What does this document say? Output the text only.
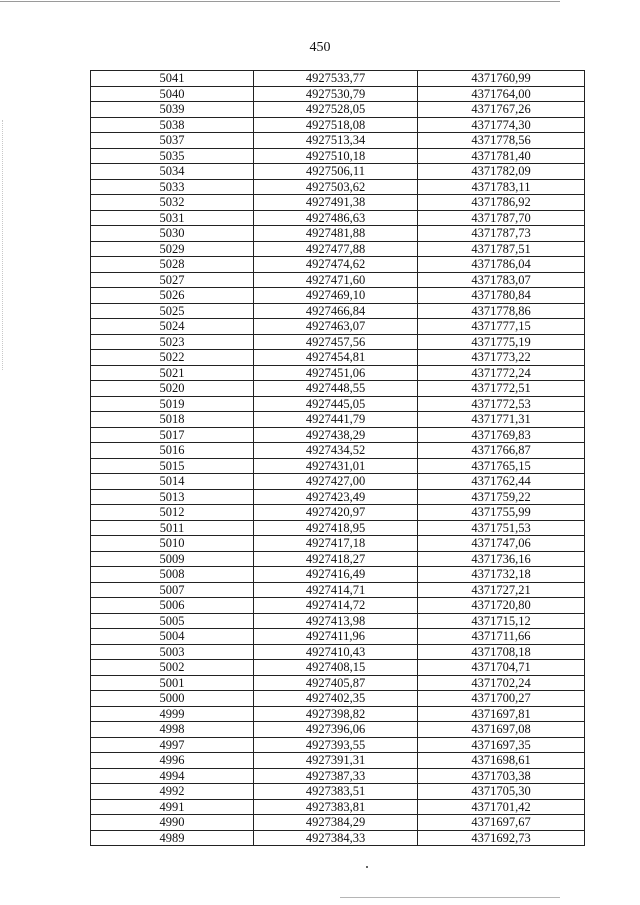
450
5041	4927533,77	4371760,99
5040	4927530,79	4371764,00
5039	4927528,05	4371767,26
5038	4927518,08	4371774,30
5037	4927513,34	4371778,56
5035	4927510,18	4371781,40
5034	4927506,11	4371782,09
5033	4927503,62	4371783,11
5032	4927491,38	4371786,92
5031	4927486,63	4371787,70
5030	4927481,88	4371787,73
5029	4927477,88	4371787,51
5028	4927474,62	4371786,04
5027	4927471,60	4371783,07
5026	4927469,10	4371780,84
5025	4927466,84	4371778,86
5024	4927463,07	4371777,15
5023	4927457,56	4371775,19
5022	4927454,81	4371773,22
5021	4927451,06	4371772,24
5020	4927448,55	4371772,51
5019	4927445,05	4371772,53
5018	4927441,79	4371771,31
5017	4927438,29	4371769,83
5016	4927434,52	4371766,87
5015	4927431,01	4371765,15
5014	4927427,00	4371762,44
5013	4927423,49	4371759,22
5012	4927420,97	4371755,99
5011	4927418,95	4371751,53
5010	4927417,18	4371747,06
5009	4927418,27	4371736,16
5008	4927416,49	4371732,18
5007	4927414,71	4371727,21
5006	4927414,72	4371720,80
5005	4927413,98	4371715,12
5004	4927411,96	4371711,66
5003	4927410,43	4371708,18
5002	4927408,15	4371704,71
5001	4927405,87	4371702,24
5000	4927402,35	4371700,27
4999	4927398,82	4371697,81
4998	4927396,06	4371697,08
4997	4927393,55	4371697,35
4996	4927391,31	4371698,61
4994	4927387,33	4371703,38
4992	4927383,51	4371705,30
4991	4927383,81	4371701,42
4990	4927384,29	4371697,67
4989	4927384,33	4371692,73
